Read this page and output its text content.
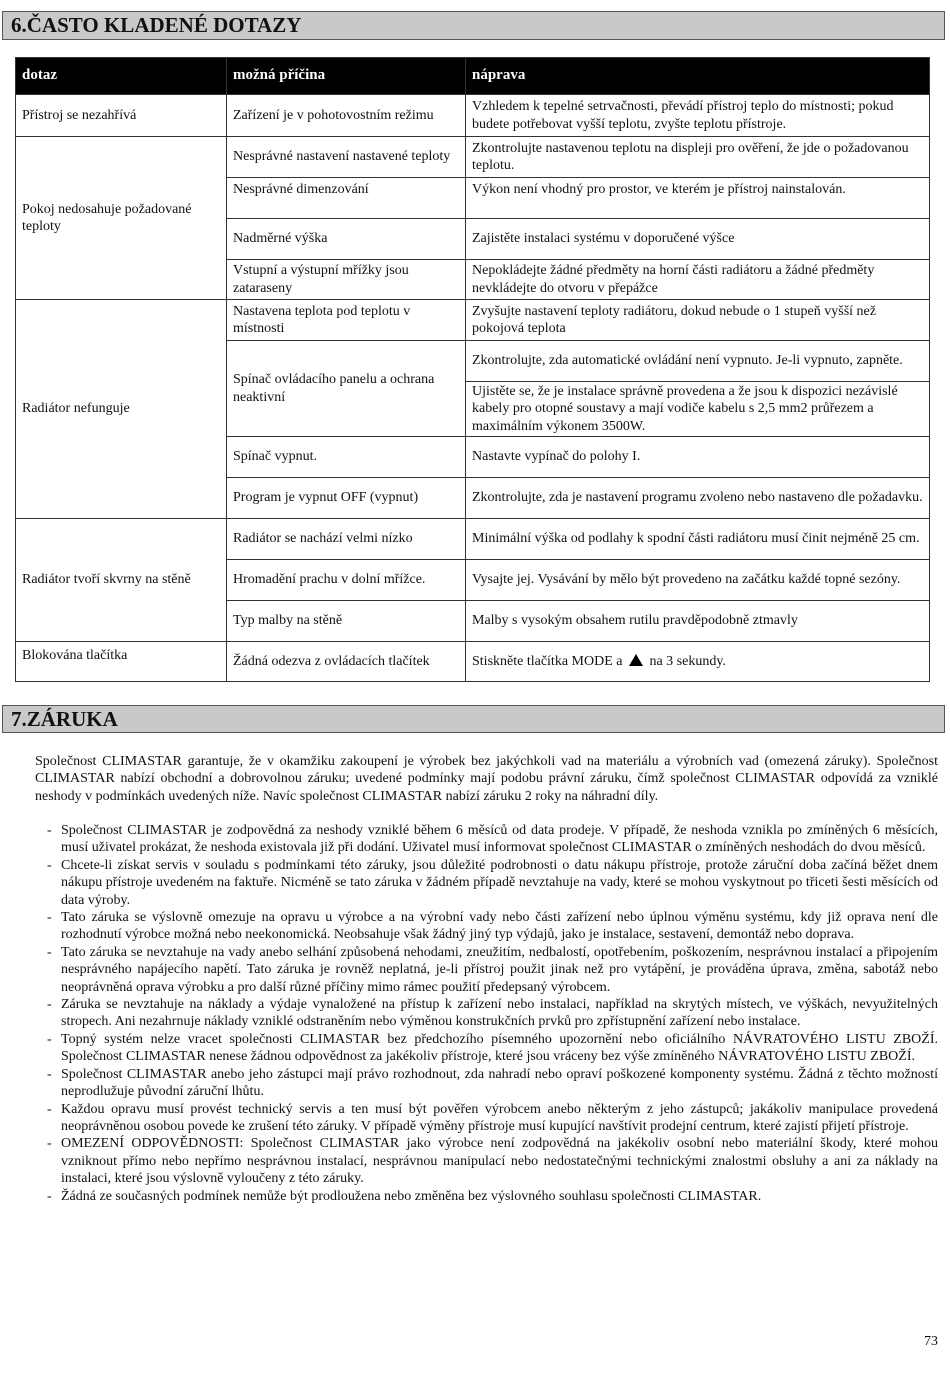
6.ČASTO KLADENÉ DOTAZY
dotaz	možná příčina	náprava
Přístroj se nezahřívá	Zařízení je v pohotovostním režimu	Vzhledem k tepelné setrvačnosti, převádí přístroj teplo do místnosti; pokud budete potřebovat vyšší teplotu, zvyšte teplotu přístroje.
Pokoj nedosahuje požadované teploty	Nesprávné nastavení nastavené teploty	Zkontrolujte nastavenou teplotu na displeji pro ověření, že jde o požadovanou teplotu.
	Nesprávné dimenzování	Výkon není vhodný pro prostor, ve kterém je přístroj nainstalován.
	Nadměrné výška	Zajistěte instalaci systému v doporučené výšce
	Vstupní a výstupní mřížky jsou zataraseny	Nepokládejte žádné předměty na horní části radiátoru a žádné předměty nevkládejte do otvoru v přepážce
Radiátor nefunguje	Nastavena teplota pod teplotu v místnosti	Zvyšujte nastavení teploty radiátoru, dokud nebude o 1 stupeň vyšší než pokojová teplota
	Spínač ovládacího panelu a ochrana neaktivní	Zkontrolujte, zda automatické ovládání není vypnuto. Je-li vypnuto, zapněte.
		Ujistěte se, že je instalace správně provedena a že jsou k dispozici nezávislé kabely pro otopné soustavy a mají vodiče kabelu s 2,5 mm2 průřezem a maximálním výkonem 3500W.
	Spínač vypnut.	Nastavte vypínač do polohy I.
	Program je vypnut OFF (vypnut)	Zkontrolujte, zda je nastavení programu zvoleno nebo nastaveno dle požadavku.
Radiátor tvoří skvrny na stěně	Radiátor se nachází velmi nízko	Minimální výška od podlahy k spodní části radiátoru musí činit nejméně 25 cm.
	Hromadění prachu v dolní mřížce.	Vysajte jej. Vysávání by mělo být provedeno na začátku každé topné sezóny.
	Typ malby na stěně	Malby s vysokým obsahem rutilu pravděpodobně ztmavly
Blokována tlačítka	Žádná odezva z ovládacích tlačítek	Stiskněte tlačítka MODE a na 3 sekundy.
7.ZÁRUKA

Společnost CLIMASTAR garantuje, že v okamžiku zakoupení je výrobek bez jakýchkoli vad na materiálu a výrobních vad (omezená záruky). Společnost CLIMASTAR nabízí obchodní a dobrovolnou záruku; uvedené podmínky mají podobu právní záruku, čímž společnost CLIMASTAR odpovídá za vzniklé neshody v podmínkách uvedených níže. Navíc společnost CLIMASTAR nabízí záruku 2 roky na náhradní díly.

- Společnost CLIMASTAR je zodpovědná za neshody vzniklé během 6 měsíců od data prodeje. V případě, že neshoda vznikla po zmíněných 6 měsících, musí uživatel prokázat, že neshoda existovala již při dodání. Uživatel musí informovat společnost CLIMASTAR o zmíněných neshodách do dvou měsíců.
- Chcete-li získat servis v souladu s podmínkami této záruky, jsou důležité podrobnosti o datu nákupu přístroje, protože záruční doba začíná běžet dnem nákupu přístroje uvedeném na faktuře. Nicméně se tato záruka v žádném případě nevztahuje na vady, které se mohou vyskytnout po třiceti šesti měsících od data výroby.
- Tato záruka se výslovně omezuje na opravu u výrobce a na výrobní vady nebo části zařízení nebo úplnou výměnu systému, kdy již oprava není dle rozhodnutí výrobce možná nebo neekonomická. Neobsahuje však žádný jiný typ výdajů, jako je instalace, sestavení, demontáž nebo doprava.
- Tato záruka se nevztahuje na vady anebo selhání způsobená nehodami, zneužitím, nedbalostí, opotřebením, poškozením, nesprávnou instalací a připojením nesprávného napájecího napětí. Tato záruka je rovněž neplatná, je-li přístroj použit jinak než pro vytápění, je prováděna úprava, změna, sabotáž nebo neoprávněná oprava výrobku a pro další různé příčiny mimo rámec použití předepsaný výrobcem.
- Záruka se nevztahuje na náklady a výdaje vynaložené na přístup k zařízení nebo instalaci, například na skrytých místech, ve výškách, nevyužitelných stropech. Ani nezahrnuje náklady vzniklé odstraněním nebo výměnou konstrukčních prvků pro zpřístupnění zařízení nebo instalace.
- Topný systém nelze vracet společnosti CLIMASTAR bez předchozího písemného upozornění nebo oficiálního NÁVRATOVÉHO LISTU ZBOŽÍ. Společnost CLIMASTAR nenese žádnou odpovědnost za jakékoliv přístroje, které jsou vráceny bez výše zmíněného NÁVRATOVÉHO LISTU ZBOŽÍ.
- Společnost CLIMASTAR anebo jeho zástupci mají právo rozhodnout, zda nahradí nebo opraví poškozené komponenty systému. Žádná z těchto možností neprodlužuje původní záruční lhůtu.
- Každou opravu musí provést technický servis a ten musí být pověřen výrobcem anebo některým z jeho zástupců; jakákoliv manipulace provedená neoprávněnou osobou povede ke zrušení této záruky. V případě výměny přístroje musí kupující navštívit prodejní centrum, které zajistí přijetí přístroje.
- OMEZENÍ ODPOVĚDNOSTI: Společnost CLIMASTAR jako výrobce není zodpovědná na jakékoliv osobní nebo materiální škody, které mohou vzniknout přímo nebo nepřímo nesprávnou instalací, nesprávnou manipulací nebo nedostatečnými technickými znalostmi obsluhy a ani za náklady na instalaci, které jsou výslovně vyloučeny z této záruky.
- Žádná ze současných podmínek nemůže být prodloužena nebo změněna bez výslovného souhlasu společnosti CLIMASTAR.
73
